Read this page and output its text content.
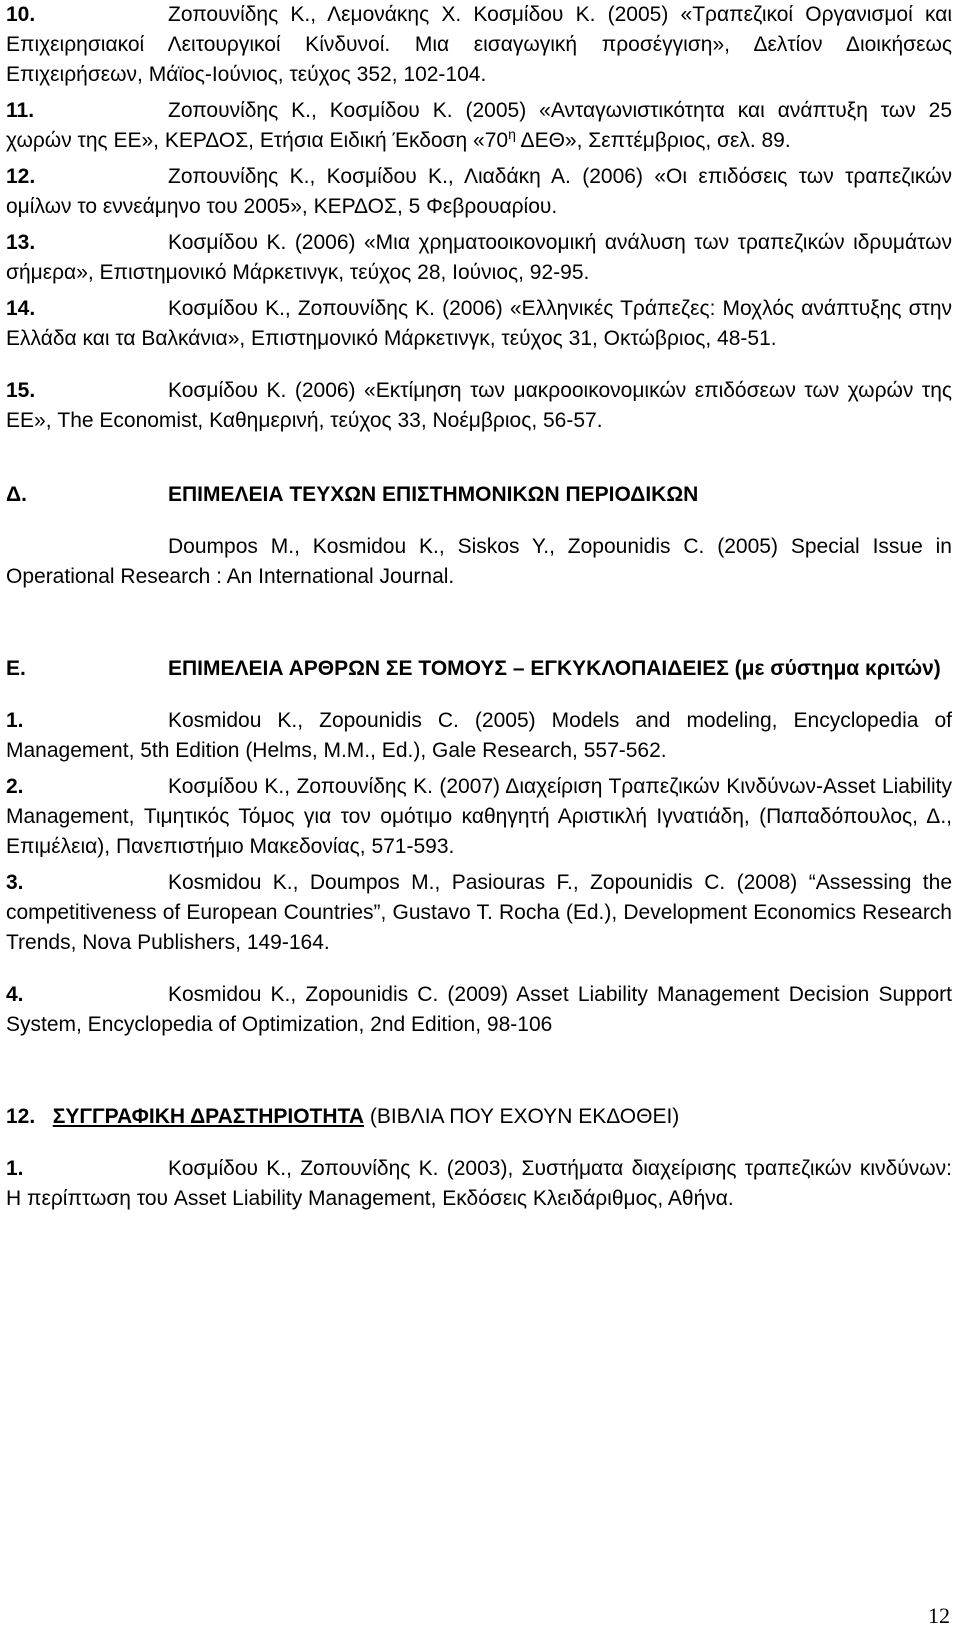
10.	Ζοπουνίδης Κ., Λεμονάκης Χ. Κοσμίδου Κ. (2005) «Τραπεζικοί Οργανισμοί και Επιχειρησιακοί Λειτουργικοί Κίνδυνοί. Μια εισαγωγική προσέγγιση», Δελτίον Διοικήσεως Επιχειρήσεων, Μάϊος-Ιούνιος, τεύχος 352, 102-104.

11.	Ζοπουνίδης Κ., Κοσμίδου Κ. (2005) «Ανταγωνιστικότητα και ανάπτυξη των 25 χωρών της ΕΕ», ΚΕΡΔΟΣ, Ετήσια Ειδική Έκδοση «$70^\eta$ ΔΕΘ», Σεπτέμβριος, σελ. 89.

12.	Ζοπουνίδης Κ., Κοσμίδου Κ., Λιαδάκη Α. (2006) «Οι επιδόσεις των τραπεζικών ομίλων το εννεάμηνο του 2005», ΚΕΡΔΟΣ, 5 Φεβρουαρίου.

13.	Κοσμίδου Κ. (2006) «Μια χρηματοοικονομική ανάλυση των τραπεζικών ιδρυμάτων σήμερα», Επιστημονικό Μάρκετινγκ, τεύχος 28, Ιούνιος, 92-95.

14.	Κοσμίδου Κ., Ζοπουνίδης Κ. (2006) «Ελληνικές Τράπεζες: Μοχλός ανάπτυξης στην Ελλάδα και τα Βαλκάνια», Επιστημονικό Μάρκετινγκ, τεύχος 31, Οκτώβριος, 48-51.

15.	Κοσμίδου Κ. (2006) «Εκτίμηση των μακροοικονομικών επιδόσεων των χωρών της ΕΕ», The Economist, Καθημερινή, τεύχος 33, Νοέμβριος, 56-57.

Δ.	ΕΠΙΜΕΛΕΙΑ ΤΕΥΧΩΝ ΕΠΙΣΤΗΜΟΝΙΚΩΝ ΠΕΡΙΟΔΙΚΩΝ

Doumpos M., Kosmidou K., Siskos Y., Zopounidis C. (2005) Special Issue in Operational Research : An International Journal.

Ε.	ΕΠΙΜΕΛΕΙΑ ΑΡΘΡΩΝ ΣΕ ΤΟΜΟΥΣ – ΕΓΚΥΚΛΟΠΑΙΔΕΙΕΣ (με σύστημα κριτών)

1.	Kosmidou K., Zopounidis C. (2005) Models and modeling, Encyclopedia of Management, 5th Edition (Helms, M.M., Ed.), Gale Research, 557-562.

2.	Κοσμίδου Κ., Ζοπουνίδης Κ. (2007) Διαχείριση Τραπεζικών Κινδύνων-Asset Liability Management, Τιμητικός Τόμος για τον ομότιμο καθηγητή Αριστικλή Ιγνατιάδη, (Παπαδόπουλος, Δ., Επιμέλεια), Πανεπιστήμιο Μακεδονίας, 571-593.

3.	Kosmidou K., Doumpos M., Pasiouras F., Zopounidis C. (2008) “Assessing the competitiveness of European Countries”, Gustavo T. Rocha (Ed.), Development Economics Research Trends, Nova Publishers, 149-164.

4.	Kosmidou K., Zopounidis C. (2009) Asset Liability Management Decision Support System, Encyclopedia of Optimization, 2nd Edition, 98-106

12. ΣΥΓΓΡΑΦΙΚΗ ΔΡΑΣΤΗΡΙΟΤΗΤΑ (ΒΙΒΛΙΑ ΠΟΥ ΕΧΟΥΝ ΕΚΔΟΘΕΙ)

1.	Κοσμίδου Κ., Ζοπουνίδης Κ. (2003), Συστήματα διαχείρισης τραπεζικών κινδύνων: Η περίπτωση του Asset Liability Management, Εκδόσεις Κλειδάριθμος, Αθήνα.

12
